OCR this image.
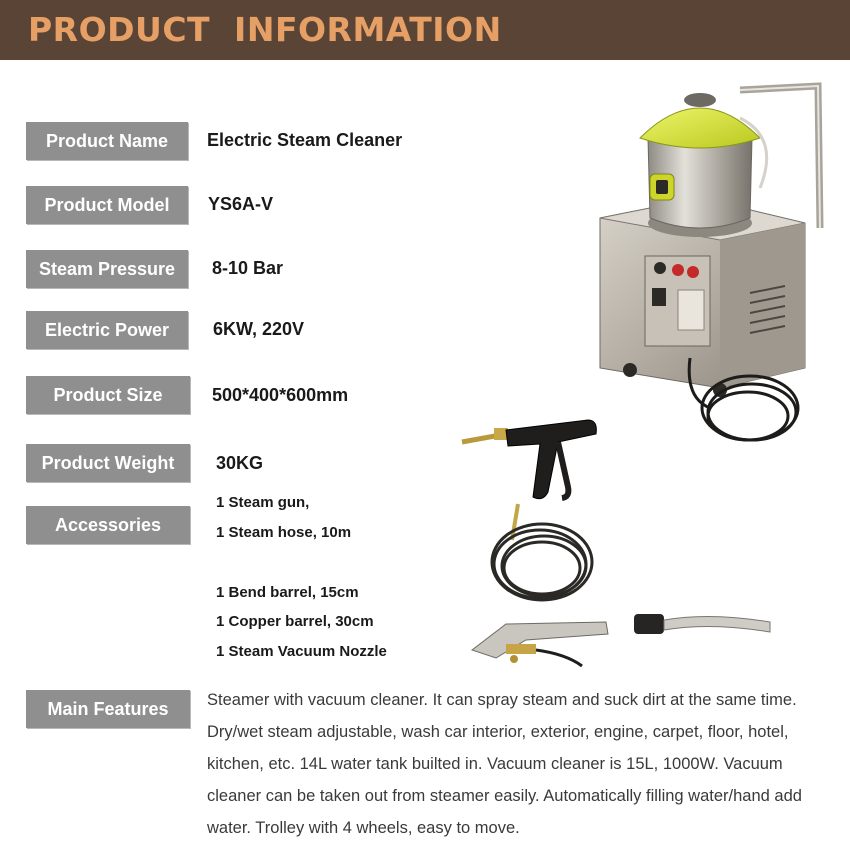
PRODUCT  INFORMATION
Product Name
Product Model
Steam Pressure
Electric Power
Product Size
Product Weight
Accessories
Main Features
Electric Steam Cleaner
YS6A-V
8-10 Bar
6KW, 220V
500*400*600mm
30KG
1 Steam gun,
1 Steam hose, 10m
1 Bend barrel, 15cm
1 Copper barrel, 30cm
1 Steam Vacuum Nozzle
Steamer with vacuum cleaner. It can spray steam and suck dirt at the same time. Dry/wet steam adjustable, wash car interior, exterior, engine, carpet, floor, hotel, kitchen, etc. 14L water tank builted in. Vacuum cleaner is 15L, 1000W. Vacuum cleaner can be taken out from steamer easily. Automatically filling water/hand add water. Trolley with 4 wheels, easy to move.
